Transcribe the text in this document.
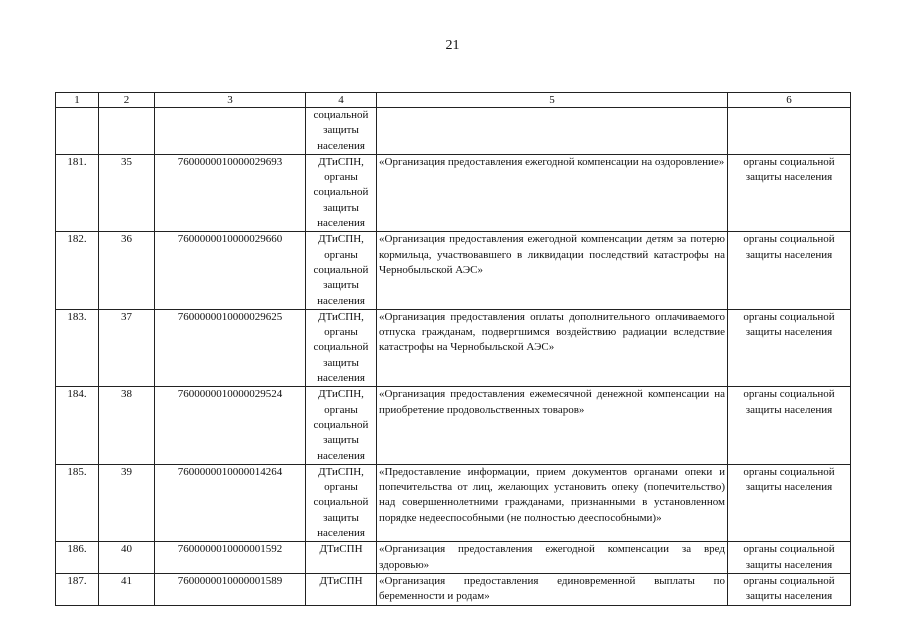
21
1	2	3	4	5	6
			социальной защиты населения		
181.	35	7600000010000029693	ДТиСПН, органы социальной защиты населения	«Организация предоставления ежегодной компенсации на оздоровление»	органы социальной защиты населения
182.	36	7600000010000029660	ДТиСПН, органы социальной защиты населения	«Организация предоставления ежегодной компенсации детям за потерю кормильца, участвовавшего в ликвидации последствий катастрофы на Чернобыльской АЭС»	органы социальной защиты населения
183.	37	7600000010000029625	ДТиСПН, органы социальной защиты населения	«Организация предоставления оплаты дополнительного оплачиваемого отпуска гражданам, подвергшимся воздействию радиации вследствие катастрофы на Чернобыльской АЭС»	органы социальной защиты населения
184.	38	7600000010000029524	ДТиСПН, органы социальной защиты населения	«Организация предоставления ежемесячной денежной компенсации на приобретение продовольственных товаров»	органы социальной защиты населения
185.	39	7600000010000014264	ДТиСПН, органы социальной защиты населения	«Предоставление информации, прием документов органами опеки и попечительства от лиц, желающих установить опеку (попечительство) над совершеннолетними гражданами, признанными в установленном порядке недееспособными (не полностью дееспособными)»	органы социальной защиты населения
186.	40	7600000010000001592	ДТиСПН	«Организация предоставления ежегодной компенсации за вред здоровью»	органы социальной защиты населения
187.	41	7600000010000001589	ДТиСПН	«Организация предоставления единовременной выплаты по беременности и родам»	органы социальной защиты населения
